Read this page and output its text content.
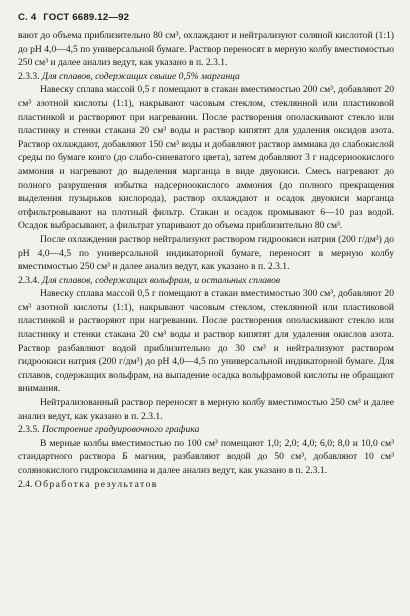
С. 4 ГОСТ 6689.12—92

вают до объема приблизительно 80 см³, охлаждают и нейтрализуют соляной кислотой (1:1) до pH 4,0—4,5 по универсальной бумаге. Раствор переносят в мерную колбу вместимостью 250 см³ и далее анализ ведут, как указано в п. 2.3.1.

2.3.3. Для сплавов, содержащих свыше 0,5% марганца

Навеску сплава массой 0,5 г помещают в стакан вместимостью 200 см³, добавляют 20 см³ азотной кислоты (1:1), накрывают часовым стеклом, стеклянной или пластиковой пластинкой и растворяют при нагревании. После растворения ополаскивают стекло или пластинку и стенки стакана 20 см³ воды и раствор кипятят для удаления оксидов азота. Раствор охлаждают, добавляют 150 см³ воды и добавляют раствор аммиака до слабокислой среды по бумаге конго (до слабо-синеватого цвета), затем добавляют 3 г надсерноокислого аммония и нагревают до выделения марганца в виде двуокиси. Смесь нагревают до полного разрушения избытка надсерноокислого аммония (до полного прекращения выделения пузырьков кислорода), раствор охлаждают и осадок двуокиси марганца отфильтровывают на плотный фильтр. Стакан и осадок промывают 6—10 раз водой. Осадок выбрасывают, а фильтрат упаривают до объема приблизительно 80 см³.

После охлаждения раствор нейтрализуют раствором гидроокиси натрия (200 г/дм³) до pH 4,0—4,5 по универсальной индикаторной бумаге, переносят в мерную колбу вместимостью 250 см³ и далее анализ ведут, как указано в п. 2.3.1.

2.3.4. Для сплавов, содержащих вольфрам, и остальных сплавов

Навеску сплава массой 0,5 г помещают в стакан вместимостью 300 см³, добавляют 20 см³ азотной кислоты (1:1), накрывают часовым стеклом, стеклянной или пластиковой пластинкой и растворяют при нагревании. После растворения ополаскивают стекло или пластинку и стенки стакана 20 см³ воды и раствор кипятят для удаления окислов азота. Раствор разбавляют водой приблизительно до 30 см³ и нейтрализуют раствором гидроокиси натрия (200 г/дм³) до pH 4,0—4,5 по универсальной индикаторной бумаге. Для сплавов, содержащих вольфрам, на выпадение осадка вольфрамовой кислоты не обращают внимания.

Нейтрализованный раствор переносят в мерную колбу вместимостью 250 см³ и далее анализ ведут, как указано в п. 2.3.1.

2.3.5. Построение градуировочного графика

В мерные колбы вместимостью по 100 см³ помещают 1,0; 2,0; 4,0; 6,0; 8,0 и 10,0 см³ стандартного раствора Б магния, разбавляют водой до 50 см³, добавляют 10 см³ солянокислого гидроксиламина и далее анализ ведут, как указано в п. 2.3.1.

2.4. Обработка результатов
